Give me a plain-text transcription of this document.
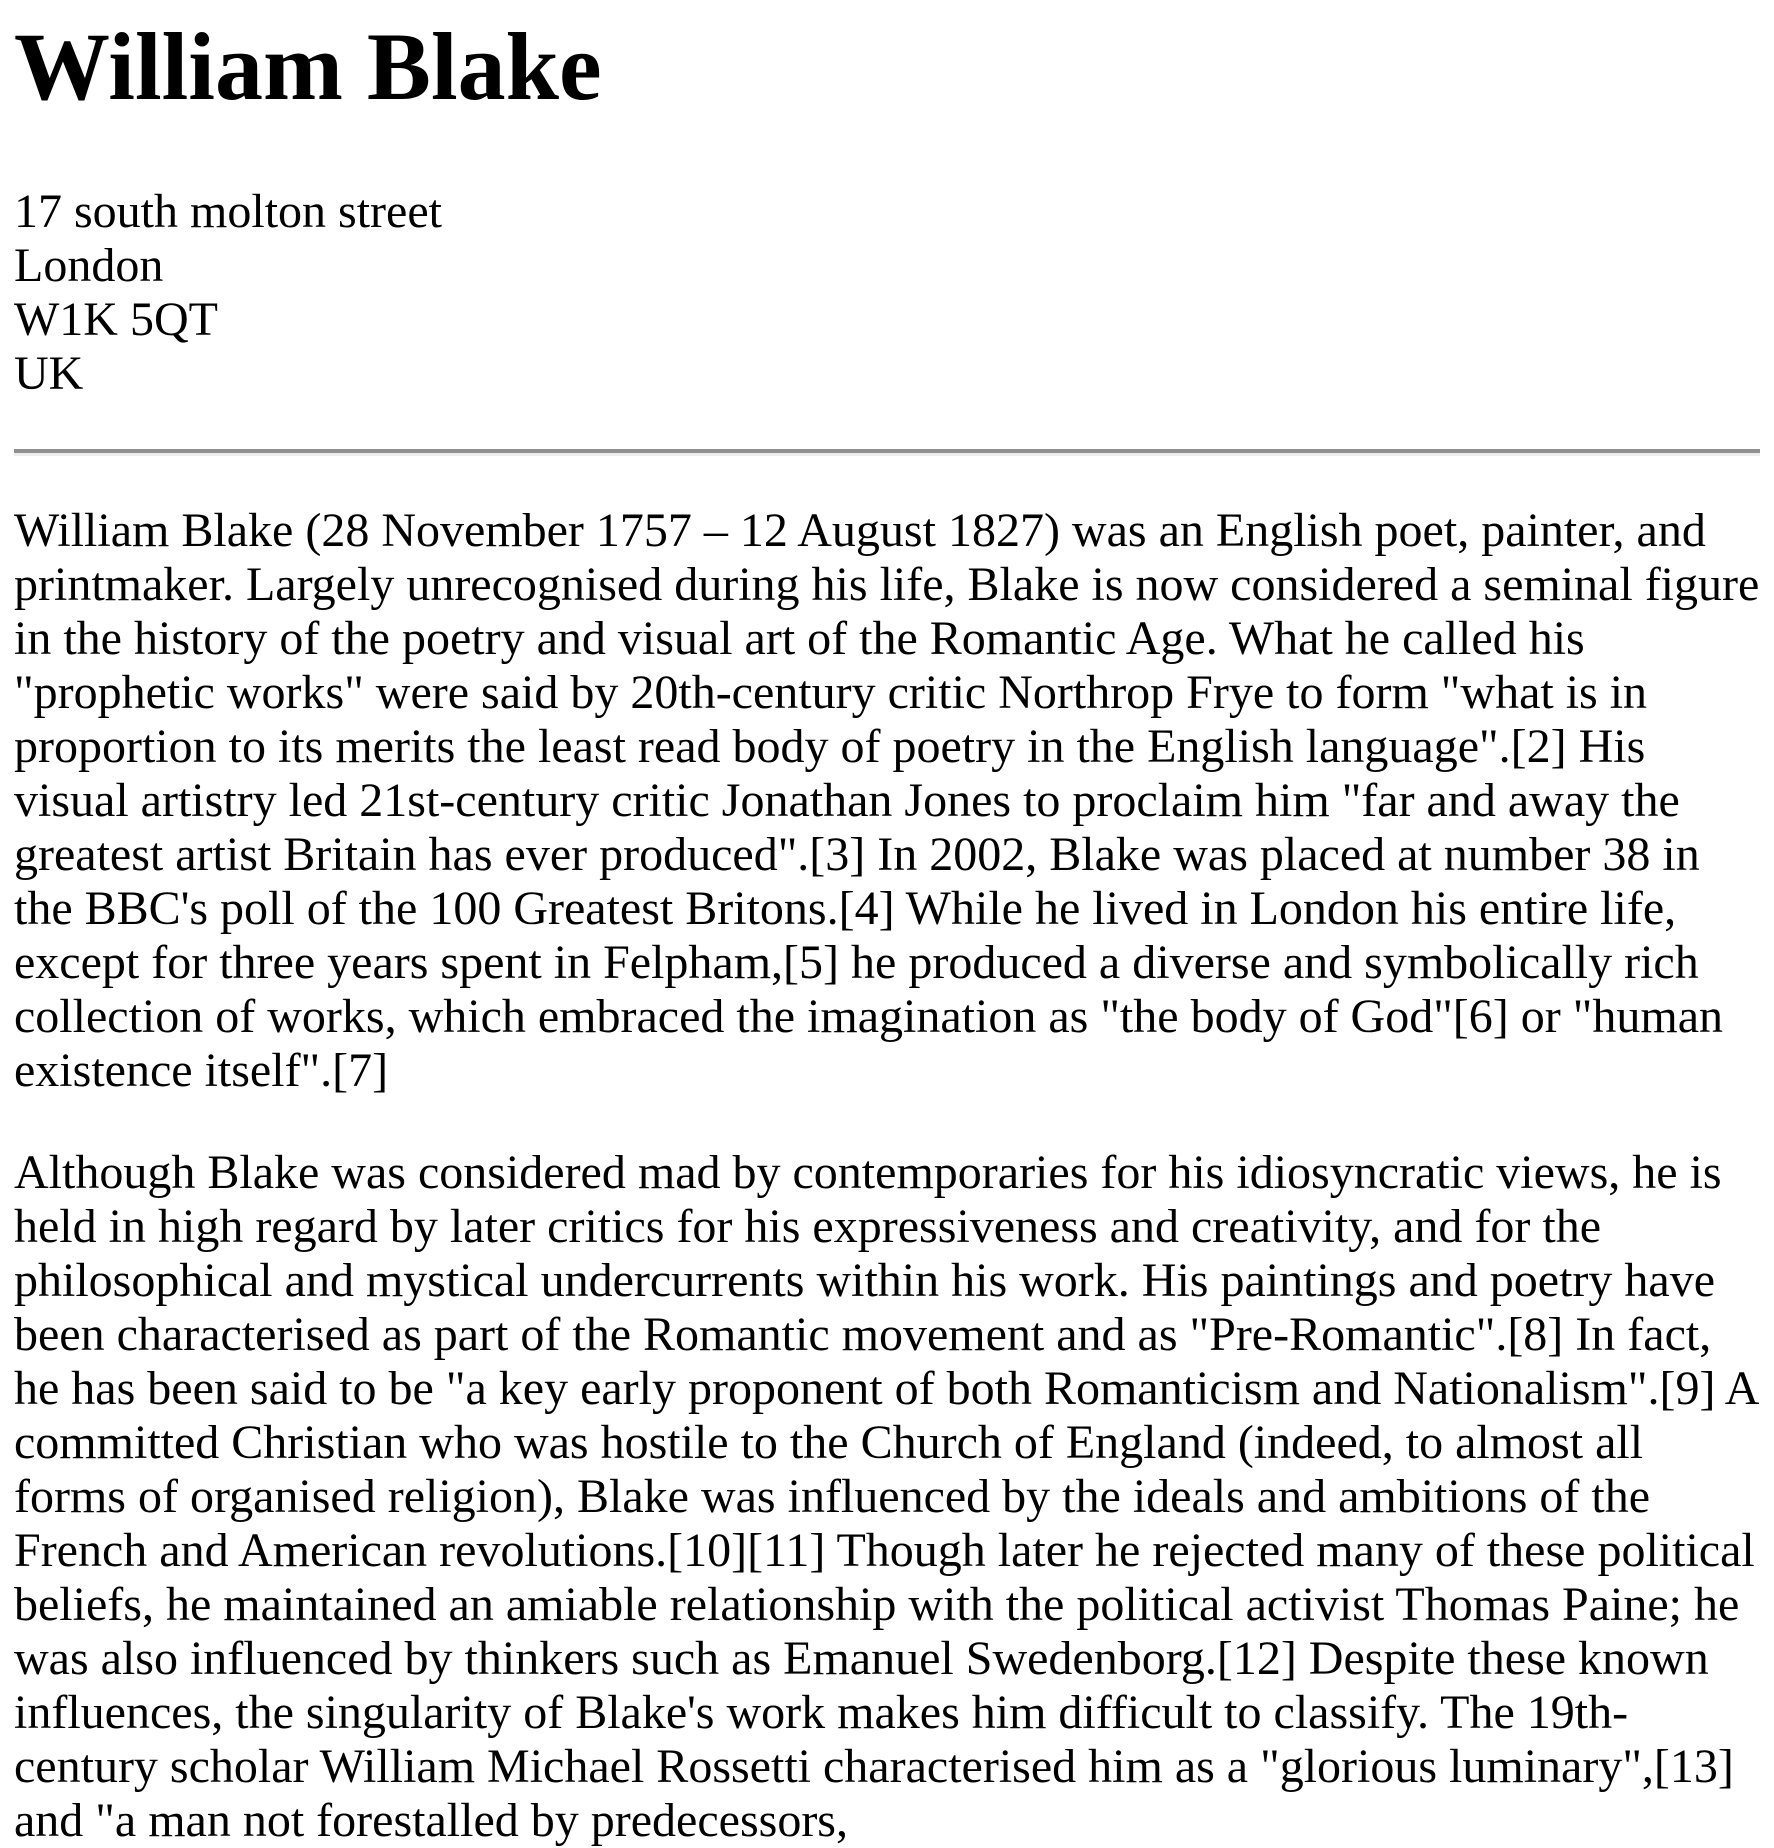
William Blake

17 south molton street
London
W1K 5QT
UK

William Blake (28 November 1757 – 12 August 1827) was an English poet, painter, and printmaker. Largely unrecognised during his life, Blake is now considered a seminal figure in the history of the poetry and visual art of the Romantic Age. What he called his "prophetic works" were said by 20th-century critic Northrop Frye to form "what is in proportion to its merits the least read body of poetry in the English language".[2] His visual artistry led 21st-century critic Jonathan Jones to proclaim him "far and away the greatest artist Britain has ever produced".[3] In 2002, Blake was placed at number 38 in the BBC's poll of the 100 Greatest Britons.[4] While he lived in London his entire life, except for three years spent in Felpham,[5] he produced a diverse and symbolically rich collection of works, which embraced the imagination as "the body of God"[6] or "human existence itself".[7]

Although Blake was considered mad by contemporaries for his idiosyncratic views, he is held in high regard by later critics for his expressiveness and creativity, and for the philosophical and mystical undercurrents within his work. His paintings and poetry have been characterised as part of the Romantic movement and as "Pre-Romantic".[8] In fact, he has been said to be "a key early proponent of both Romanticism and Nationalism".[9] A committed Christian who was hostile to the Church of England (indeed, to almost all forms of organised religion), Blake was influenced by the ideals and ambitions of the French and American revolutions.[10][11] Though later he rejected many of these political beliefs, he maintained an amiable relationship with the political activist Thomas Paine; he was also influenced by thinkers such as Emanuel Swedenborg.[12] Despite these known influences, the singularity of Blake's work makes him difficult to classify. The 19th-century scholar William Michael Rossetti characterised him as a "glorious luminary",[13] and "a man not forestalled by predecessors,
